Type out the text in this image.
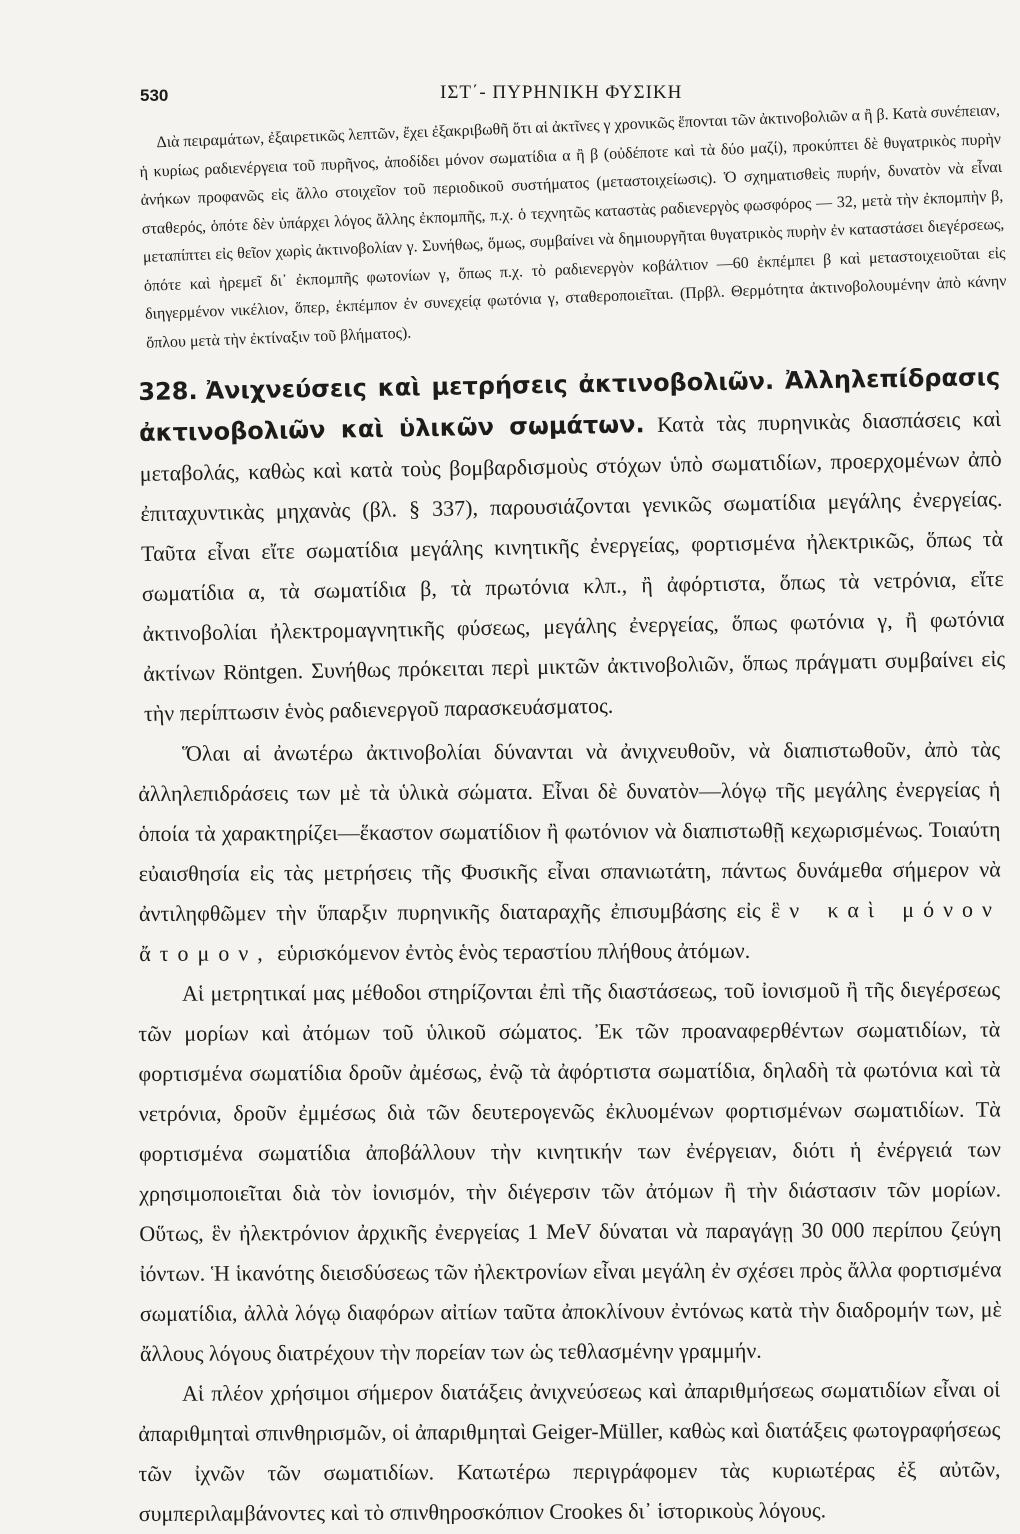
530	ΙΣΤ΄- ΠΥΡΗΝΙΚΗ ΦΥΣΙΚΗ

Διὰ πειραμάτων, ἐξαιρετικῶς λεπτῶν, ἔχει ἐξακριβωθῆ ὅτι αἱ ἀκτῖνες γ χρονικῶς ἕπονται τῶν ἀκτινοβολιῶν α ἢ β. Κατὰ συνέπειαν, ἡ κυρίως ραδιενέργεια τοῦ πυρῆνος, ἀποδίδει μόνον σωματίδια α ἢ β (οὐδέποτε καὶ τὰ δύο μαζί), προκύπτει δὲ θυγατρικὸς πυρὴν ἀνήκων προφανῶς εἰς ἄλλο στοιχεῖον τοῦ περιοδικοῦ συστήματος (μεταστοιχείωσις). Ὁ σχηματισθεὶς πυρήν, δυνατὸν νὰ εἶναι σταθερός, ὁπότε δὲν ὑπάρχει λόγος ἄλλης ἐκπομπῆς, π.χ. ὁ τεχνητῶς καταστὰς ραδιενεργὸς φωσφόρος — 32, μετὰ τὴν ἐκπομπὴν β, μεταπίπτει εἰς θεῖον χωρὶς ἀκτινοβολίαν γ. Συνήθως, ὅμως, συμβαίνει νὰ δημιουργῆται θυγατρικὸς πυρὴν ἐν καταστάσει διεγέρσεως, ὁπότε καὶ ἠρεμεῖ δι᾽ ἐκπομπῆς φωτονίων γ, ὅπως π.χ. τὸ ραδιενεργὸν κοβάλτιον —60 ἐκπέμπει β καὶ μεταστοιχειοῦται εἰς διηγερμένον νικέλιον, ὅπερ, ἐκπέμπον ἐν συνεχείᾳ φωτόνια γ, σταθεροποιεῖται. (Πρβλ. Θερμότητα ἀκτινοβολουμένην ἀπὸ κάνην ὅπλου μετὰ τὴν ἐκτίναξιν τοῦ βλήματος).

328. Ἀνιχνεύσεις καὶ μετρήσεις ἀκτινοβολιῶν. Ἀλληλεπίδρασις ἀκτινοβολιῶν καὶ ὑλικῶν σωμάτων. Κατὰ τὰς πυρηνικὰς διασπάσεις καὶ μεταβολάς, καθὼς καὶ κατὰ τοὺς βομβαρδισμοὺς στόχων ὑπὸ σωματιδίων, προερχομένων ἀπὸ ἐπιταχυντικὰς μηχανὰς (βλ. § 337), παρουσιάζονται γενικῶς σωματίδια μεγάλης ἐνεργείας. Ταῦτα εἶναι εἴτε σωματίδια μεγάλης κινητικῆς ἐνεργείας, φορτισμένα ἠλεκτρικῶς, ὅπως τὰ σωματίδια α, τὰ σωματίδια β, τὰ πρωτόνια κλπ., ἢ ἀφόρτιστα, ὅπως τὰ νετρόνια, εἴτε ἀκτινοβολίαι ἠλεκτρομαγνητικῆς φύσεως, μεγάλης ἐνεργείας, ὅπως φωτόνια γ, ἢ φωτόνια ἀκτίνων Röntgen. Συνήθως πρόκειται περὶ μικτῶν ἀκτινοβολιῶν, ὅπως πράγματι συμβαίνει εἰς τὴν περίπτωσιν ἑνὸς ραδιενεργοῦ παρασκευάσματος.

Ὅλαι αἱ ἀνωτέρω ἀκτινοβολίαι δύνανται νὰ ἀνιχνευθοῦν, νὰ διαπιστωθοῦν, ἀπὸ τὰς ἀλληλεπιδράσεις των μὲ τὰ ὑλικὰ σώματα. Εἶναι δὲ δυνατὸν—λόγῳ τῆς μεγάλης ἐνεργείας ἡ ὁποία τὰ χαρακτηρίζει—ἕκαστον σωματίδιον ἢ φωτόνιον νὰ διαπιστωθῇ κεχωρισμένως. Τοιαύτη εὐαισθησία εἰς τὰς μετρήσεις τῆς Φυσικῆς εἶναι σπανιωτάτη, πάντως δυνάμεθα σήμερον νὰ ἀντιληφθῶμεν τὴν ὕπαρξιν πυρηνικῆς διαταραχῆς ἐπισυμβάσης εἰς ἓν καὶ μόνον ἄτομον, εὑρισκόμενον ἐντὸς ἑνὸς τεραστίου πλήθους ἀτόμων.

Αἱ μετρητικαί μας μέθοδοι στηρίζονται ἐπὶ τῆς διαστάσεως, τοῦ ἰονισμοῦ ἢ τῆς διεγέρσεως τῶν μορίων καὶ ἀτόμων τοῦ ὑλικοῦ σώματος. Ἐκ τῶν προαναφερθέντων σωματιδίων, τὰ φορτισμένα σωματίδια δροῦν ἀμέσως, ἐνῷ τὰ ἀφόρτιστα σωματίδια, δηλαδὴ τὰ φωτόνια καὶ τὰ νετρόνια, δροῦν ἐμμέσως διὰ τῶν δευτερογενῶς ἐκλυομένων φορτισμένων σωματιδίων. Τὰ φορτισμένα σωματίδια ἀποβάλλουν τὴν κινητικήν των ἐνέργειαν, διότι ἡ ἐνέργειά των χρησιμοποιεῖται διὰ τὸν ἰονισμόν, τὴν διέγερσιν τῶν ἀτόμων ἢ τὴν διάστασιν τῶν μορίων. Οὕτως, ἓν ἠλεκτρόνιον ἀρχικῆς ἐνεργείας 1 MeV δύναται νὰ παραγάγῃ 30 000 περίπου ζεύγη ἰόντων. Ἡ ἱκανότης διεισδύσεως τῶν ἠλεκτρονίων εἶναι μεγάλη ἐν σχέσει πρὸς ἄλλα φορτισμένα σωματίδια, ἀλλὰ λόγῳ διαφόρων αἰτίων ταῦτα ἀποκλίνουν ἐντόνως κατὰ τὴν διαδρομήν των, μὲ ἄλλους λόγους διατρέχουν τὴν πορείαν των ὡς τεθλασμένην γραμμήν.

Αἱ πλέον χρήσιμοι σήμερον διατάξεις ἀνιχνεύσεως καὶ ἀπαριθμήσεως σωματιδίων εἶναι οἱ ἀπαριθμηταὶ σπινθηρισμῶν, οἱ ἀπαριθμηταὶ Geiger-Müller, καθὼς καὶ διατάξεις φωτογραφήσεως τῶν ἰχνῶν τῶν σωματιδίων. Κατωτέρω περιγράφομεν τὰς κυριωτέρας ἐξ αὐτῶν, συμπεριλαμβάνοντες καὶ τὸ σπινθηροσκόπιον Crookes δι᾽ ἱστορικοὺς λόγους.
